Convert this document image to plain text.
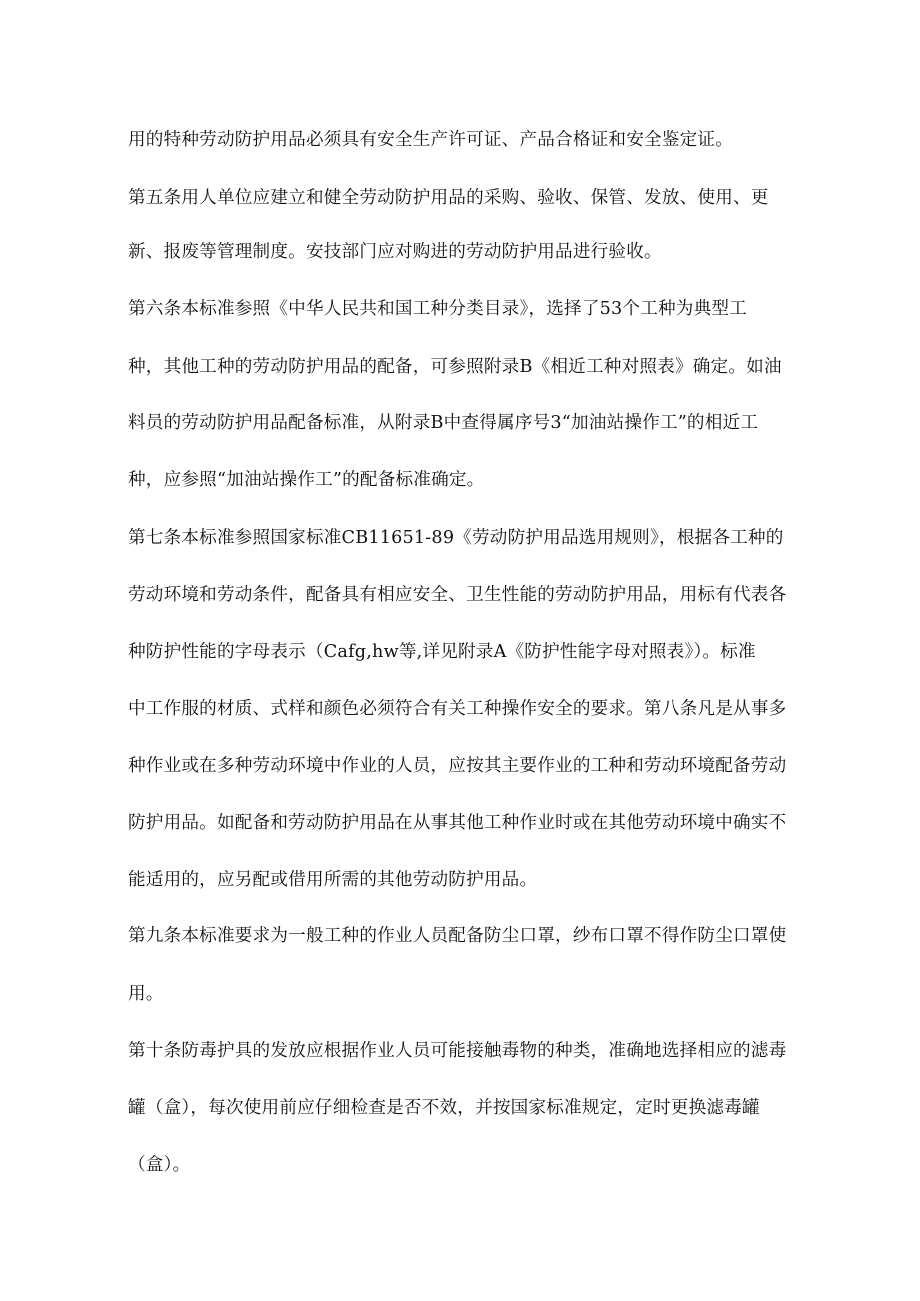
用的特种劳动防护用品必须具有安全生产许可证、产品合格证和安全鉴定证。
第五条用人单位应建立和健全劳动防护用品的采购、验收、保管、发放、使用、更
新、报废等管理制度。安技部门应对购进的劳动防护用品进行验收。
第六条本标准参照《中华人民共和国工种分类目录》，选择了53个工种为典型工
种，其他工种的劳动防护用品的配备，可参照附录B《相近工种对照表》确定。如油
料员的劳动防护用品配备标准，从附录B中查得属序号3“加油站操作工”的相近工
种，应参照“加油站操作工”的配备标准确定。
第七条本标准参照国家标准CB11651-89《劳动防护用品选用规则》，根据各工种的
劳动环境和劳动条件，配备具有相应安全、卫生性能的劳动防护用品，用标有代表各
种防护性能的字母表示（Cafg,hw等,详见附录A《防护性能字母对照表》）。标准
中工作服的材质、式样和颜色必须符合有关工种操作安全的要求。第八条凡是从事多
种作业或在多种劳动环境中作业的人员，应按其主要作业的工种和劳动环境配备劳动
防护用品。如配备和劳动防护用品在从事其他工种作业时或在其他劳动环境中确实不
能适用的，应另配或借用所需的其他劳动防护用品。
第九条本标准要求为一般工种的作业人员配备防尘口罩，纱布口罩不得作防尘口罩使
用。
第十条防毒护具的发放应根据作业人员可能接触毒物的种类，准确地选择相应的滤毒
罐（盒），每次使用前应仔细检查是否不效，并按国家标准规定，定时更换滤毒罐
（盒）。
